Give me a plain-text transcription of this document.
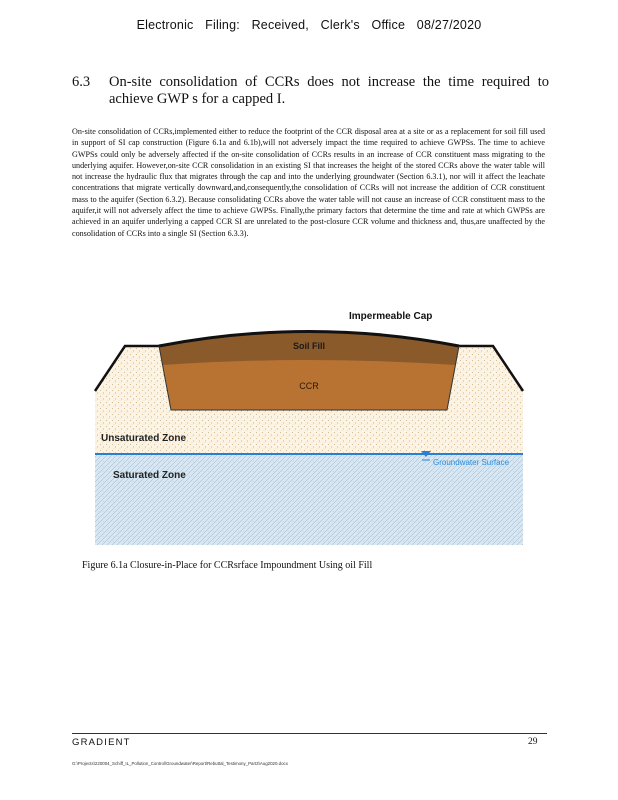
Electronic Filing: Received, Clerk's Office 08/27/2020
6.3 On-site consolidation of CCRs does not increase the time required to achieve GWP s for a capped I.
On-site consolidation of CCRs,implemented either to reduce the footprint of the CCR disposal area at a site or as a replacement for soil fill used in support of SI cap construction (Figure 6.1a and 6.1b),will not adversely impact the time required to achieve GWPSs. The time to achieve GWPSs could only be adversely affected if the on-site consolidation of CCRs results in an increase of CCR constituent mass migrating to the underlying aquifer. However,on-site CCR consolidation in an existing SI that increases the height of the stored CCRs above the water table will not increase the hydraulic flux that migrates through the cap and into the underlying groundwater (Section 6.3.1), nor will it affect the leachate concentrations that migrate vertically downward,and,consequently,the consolidation of CCRs will not increase the addition of CCR constituent mass to the aquifer (Section 6.3.2). Because consolidating CCRs above the water table will not cause an increase of CCR constituent mass to the aquifer,it will not adversely affect the time to achieve GWPSs. Finally,the primary factors that determine the time and rate at which GWPSs are achieved in an aquifer underlying a capped CCR SI are unrelated to the post-closure CCR volume and thickness and, thus,are unaffected by the consolidation of CCRs into a single SI (Section 6.3.3).
Impermeable Cap
Soil Fill
CCR
Unsaturated Zone
Saturated Zone
Groundwater Surface
Figure 6.1a Closure-in-Place for CCRsrface Impoundment Using oil Fill
GRADIENT	29
G:\Projects\220004_Schiff_IL_Pollution_Control\Groundwater\Report\Rebuttal_Testimony_Part3\Aug2020.docx
